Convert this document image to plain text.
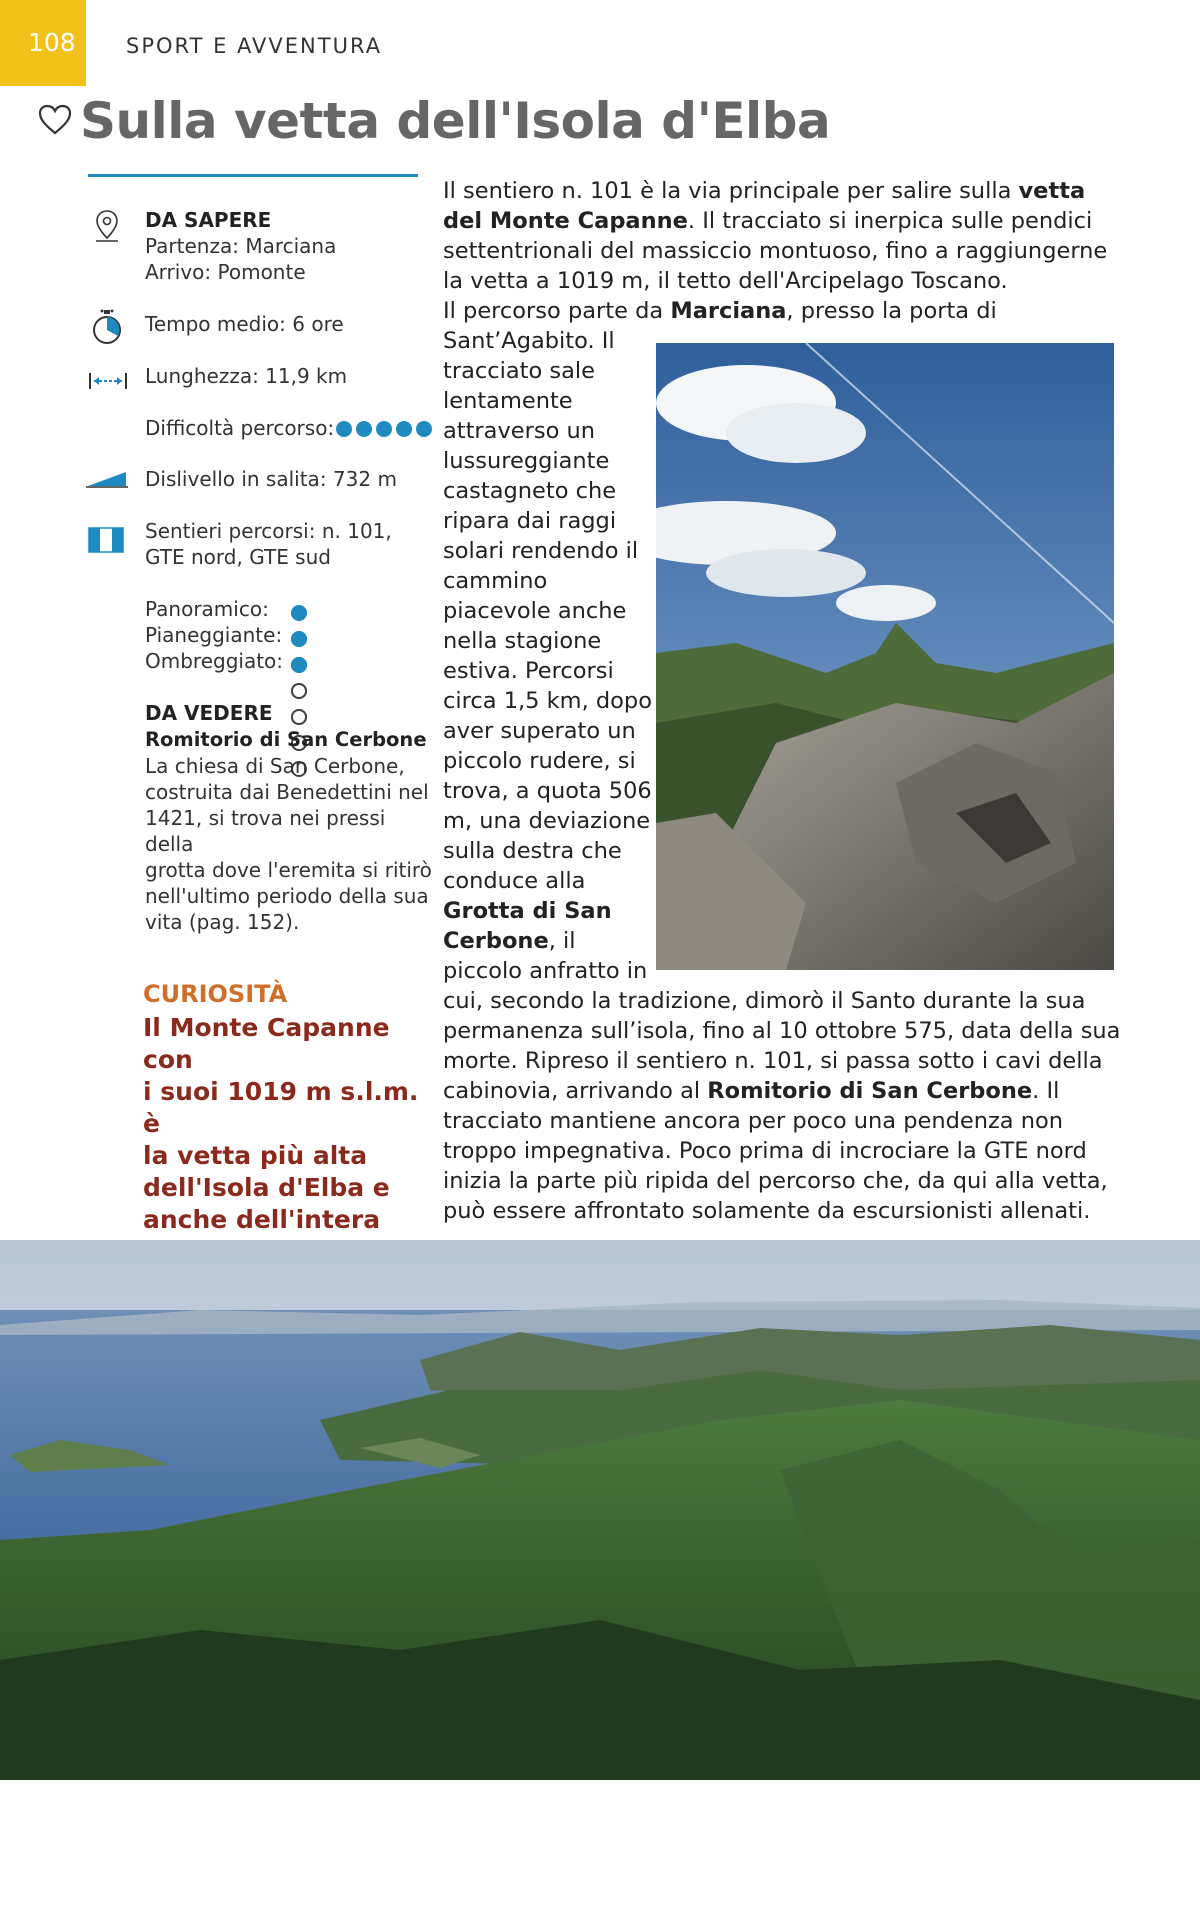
108 SPORT E AVVENTURA
Sulla vetta dell'Isola d'Elba
DA SAPERE
Partenza: Marciana
Arrivo: Pomonte
Tempo medio: 6 ore
Lunghezza: 11,9 km
Difficoltà percorso:
Dislivello in salita: 732 m
Sentieri percorsi: n. 101,
GTE nord, GTE sud
Panoramico:
Pianeggiante:
Ombreggiato:
DA VEDERE
Romitorio di San Cerbone
La chiesa di San Cerbone,
costruita dai Benedettini nel
1421, si trova nei pressi della
grotta dove l'eremita si ritirò
nell'ultimo periodo della sua
vita (pag. 152).
CURIOSITÀ
Il Monte Capanne con
i suoi 1019 m s.l.m. è
la vetta più alta
dell'Isola d'Elba e
anche dell'intera
Il sentiero n. 101 è la via principale per salire sulla vetta del Monte Capanne. Il tracciato si inerpica sulle pendici settentrionali del massiccio montuoso, fino a raggiungerne la vetta a 1019 m, il tetto dell'Arcipelago Toscano.
Il percorso parte da Marciana, presso la porta di
Sant’Agabito. Il
tracciato sale
lentamente
attraverso un
lussureggiante
castagneto che
ripara dai raggi
solari rendendo il
cammino
piacevole anche
nella stagione
estiva. Percorsi
circa 1,5 km, dopo
aver superato un
piccolo rudere, si
trova, a quota 506
m, una deviazione
sulla destra che
conduce alla
Grotta di San
Cerbone, il
piccolo anfratto in
cui, secondo la tradizione, dimorò il Santo durante la sua permanenza sull’isola, fino al 10 ottobre 575, data della sua morte. Ripreso il sentiero n. 101, si passa sotto i cavi della cabinovia, arrivando al Romitorio di San Cerbone. Il tracciato mantiene ancora per poco una pendenza non troppo impegnativa. Poco prima di incrociare la GTE nord inizia la parte più ripida del percorso che, da qui alla vetta, può essere affrontato solamente da escursionisti allenati.
